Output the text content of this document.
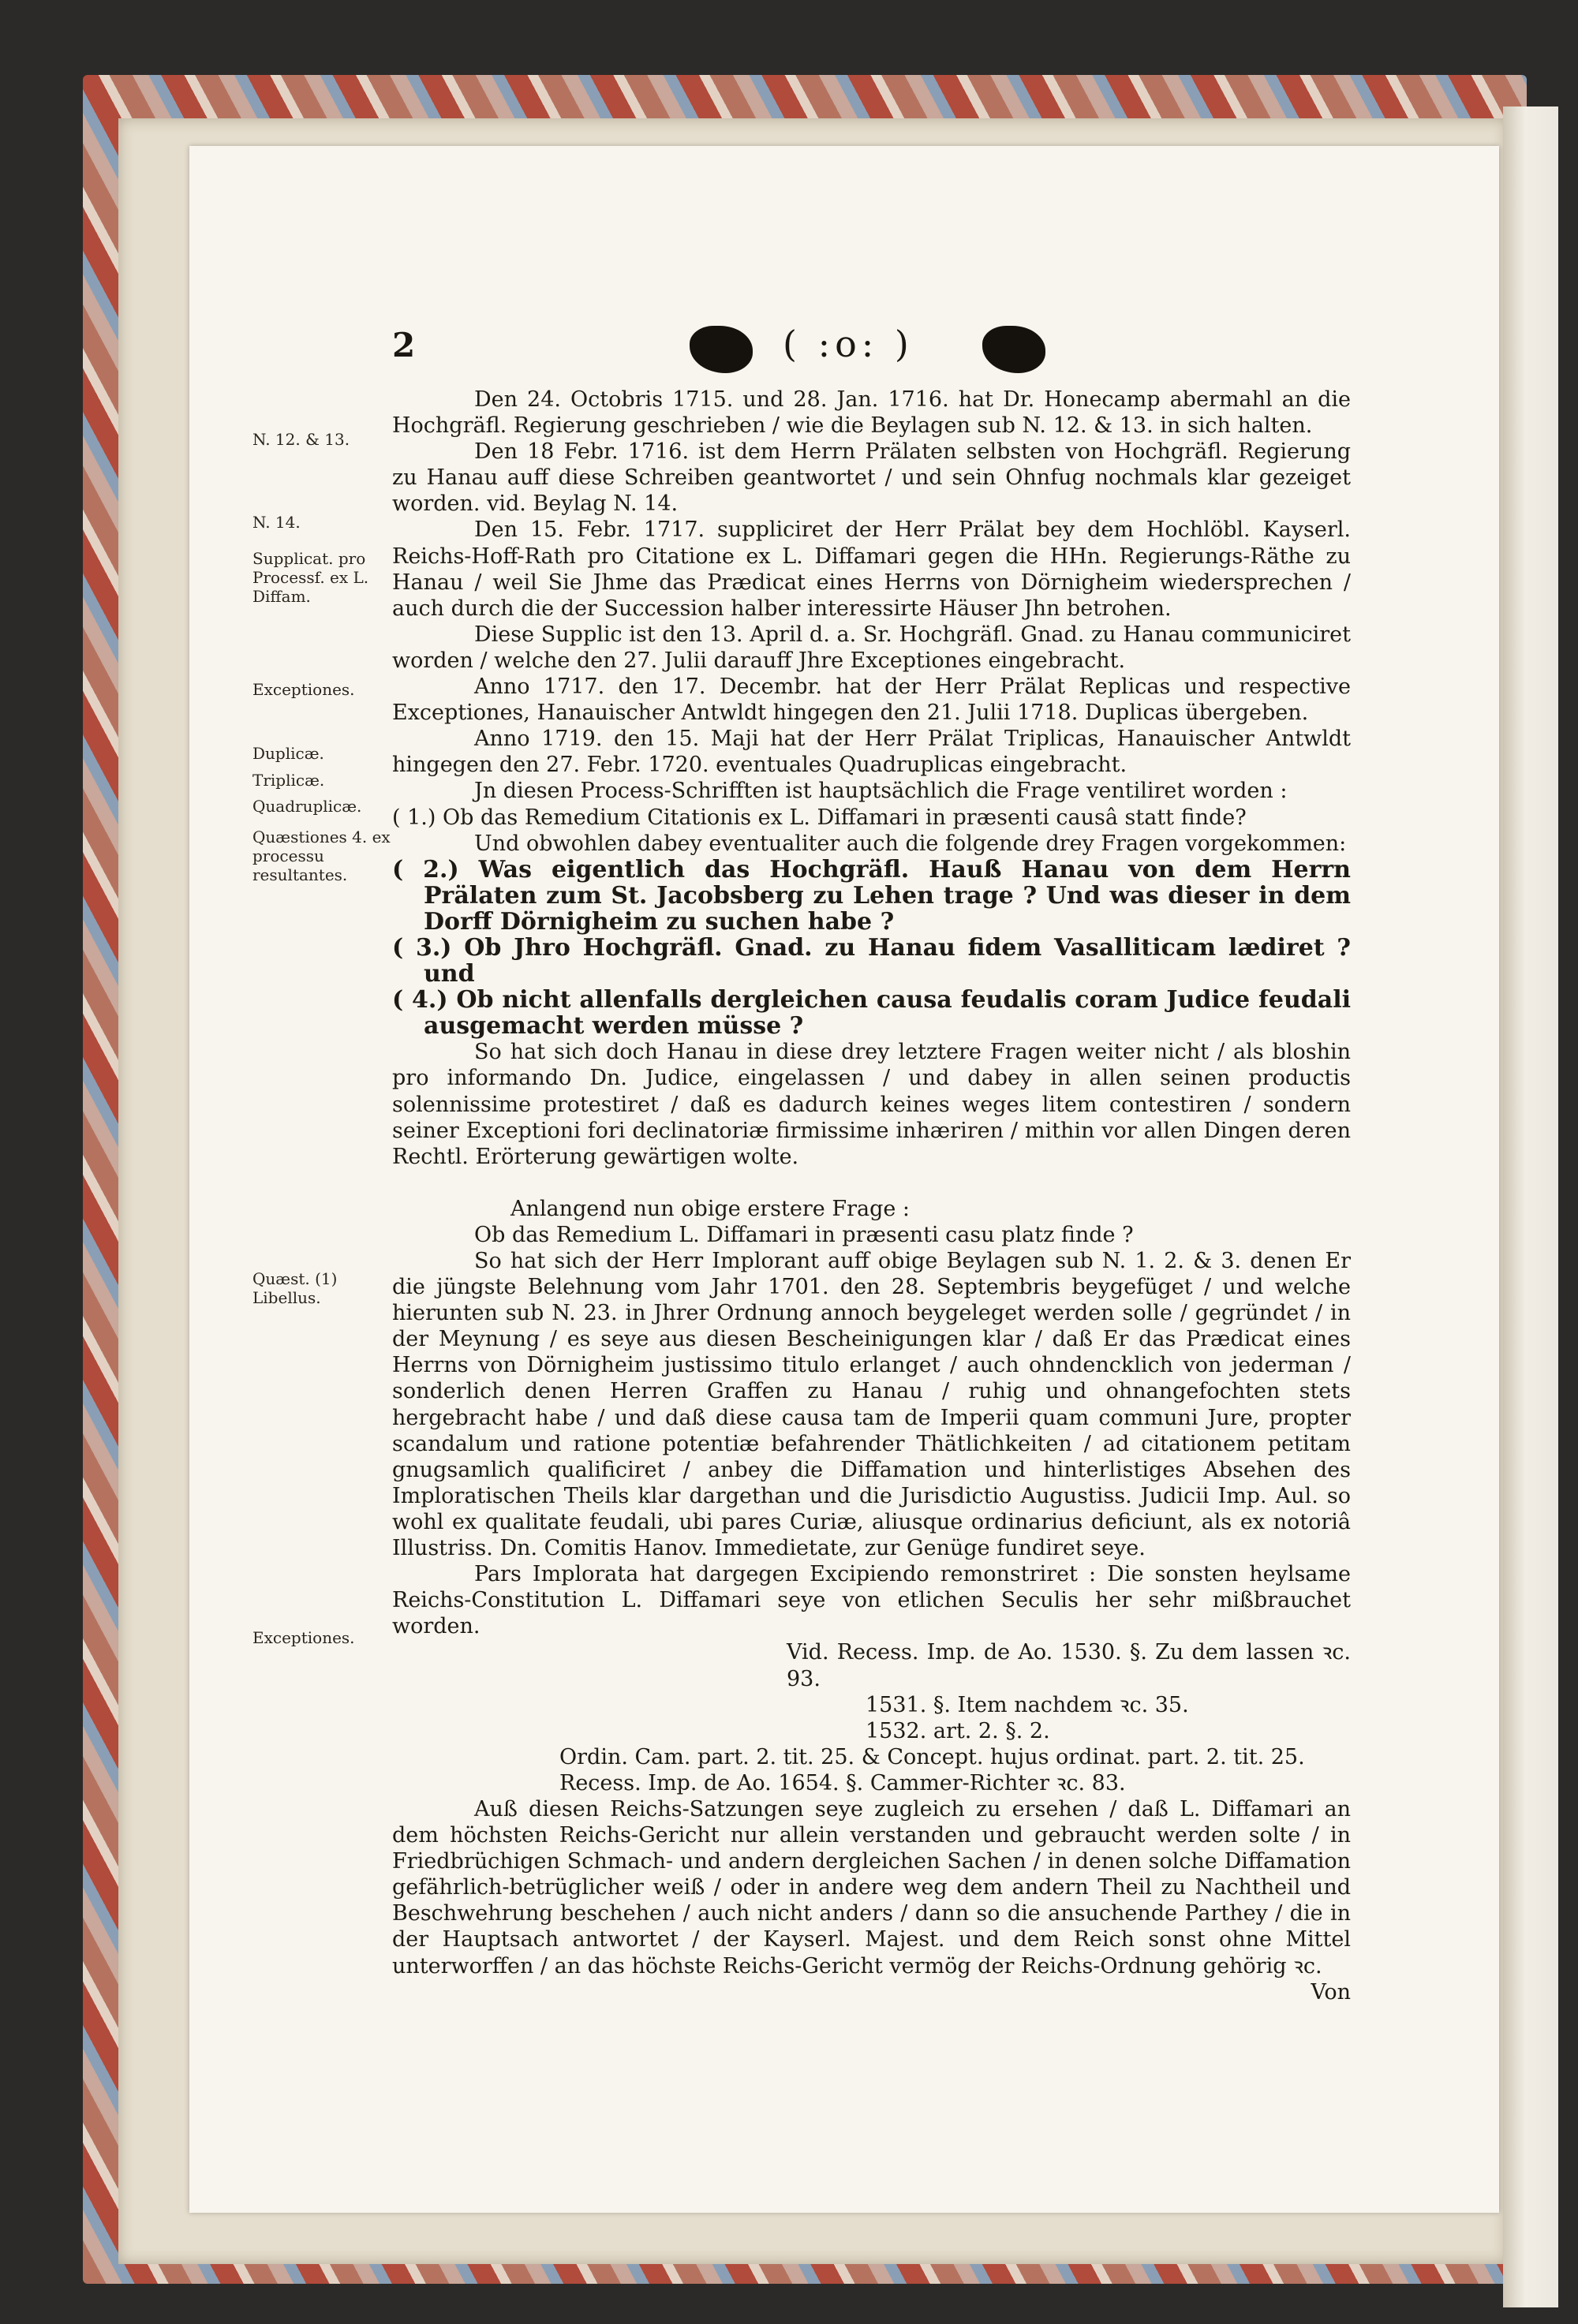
2	( :o: )
N. 12. & 13.
N. 14.
Supplicat. pro Processf. ex L. Diffam.
Exceptiones.
Duplicæ.
Triplicæ.
Quadruplicæ.
Quæstiones 4. ex processu resultantes.
Quæst. (1) Libellus.
Exceptiones.

Den 24. Octobris 1715. und 28. Jan. 1716. hat Dr. Honecamp abermahl an die Hochgräfl. Regierung geschrieben / wie die Beylagen sub N. 12. & 13. in sich halten.

Den 18 Febr. 1716. ist dem Herrn Prälaten selbsten von Hochgräfl. Regierung zu Hanau auff diese Schreiben geantwortet / und sein Ohnfug nochmals klar gezeiget worden. vid. Beylag N. 14.

Den 15. Febr. 1717. suppliciret der Herr Prälat bey dem Hochlöbl. Kayserl. Reichs-Hoff-Rath pro Citatione ex L. Diffamari gegen die HHn. Regierungs-Räthe zu Hanau / weil Sie Jhme das Prædicat eines Herrns von Dörnigheim wiedersprechen / auch durch die der Succession halber interessirte Häuser Jhn betrohen.

Diese Supplic ist den 13. April d. a. Sr. Hochgräfl. Gnad. zu Hanau communiciret worden / welche den 27. Julii darauff Jhre Exceptiones eingebracht.

Anno 1717. den 17. Decembr. hat der Herr Prälat Replicas und respective Exceptiones, Hanauischer Antwldt hingegen den 21. Julii 1718. Duplicas übergeben.

Anno 1719. den 15. Maji hat der Herr Prälat Triplicas, Hanauischer Antwldt hingegen den 27. Febr. 1720. eventuales Quadruplicas eingebracht.

Jn diesen Process-Schrifften ist hauptsächlich die Frage ventiliret worden :

( 1.) Ob das Remedium Citationis ex L. Diffamari in præsenti causâ statt finde?

Und obwohlen dabey eventualiter auch die folgende drey Fragen vorgekommen:

( 2.) Was eigentlich das Hochgräfl. Hauß Hanau von dem Herrn Prälaten zum St. Jacobsberg zu Lehen trage ? Und was dieser in dem Dorff Dörnigheim zu suchen habe ?

( 3.) Ob Jhro Hochgräfl. Gnad. zu Hanau fidem Vasalliticam lædiret ? und

( 4.) Ob nicht allenfalls dergleichen causa feudalis coram Judice feudali ausgemacht werden müsse ?

So hat sich doch Hanau in diese drey letztere Fragen weiter nicht / als bloshin pro informando Dn. Judice, eingelassen / und dabey in allen seinen productis solennissime protestiret / daß es dadurch keines weges litem contestiren / sondern seiner Exceptioni fori declinatoriæ firmissime inhæriren / mithin vor allen Dingen deren Rechtl. Erörterung gewärtigen wolte.

Anlangend nun obige erstere Frage :

Ob das Remedium L. Diffamari in præsenti casu platz finde ?

So hat sich der Herr Implorant auff obige Beylagen sub N. 1. 2. & 3. denen Er die jüngste Belehnung vom Jahr 1701. den 28. Septembris beygefüget / und welche hierunten sub N. 23. in Jhrer Ordnung annoch beygeleget werden solle / gegründet / in der Meynung / es seye aus diesen Bescheinigungen klar / daß Er das Prædicat eines Herrns von Dörnigheim justissimo titulo erlanget / auch ohndencklich von jederman / sonderlich denen Herren Graffen zu Hanau / ruhig und ohnangefochten stets hergebracht habe / und daß diese causa tam de Imperii quam communi Jure, propter scandalum und ratione potentiæ befahrender Thätlichkeiten / ad citationem petitam gnugsamlich qualificiret / anbey die Diffamation und hinterlistiges Absehen des Imploratischen Theils klar dargethan und die Jurisdictio Augustiss. Judicii Imp. Aul. so wohl ex qualitate feudali, ubi pares Curiæ, aliusque ordinarius deficiunt, als ex notoriâ Illustriss. Dn. Comitis Hanov. Immedietate, zur Genüge fundiret seye.

Pars Implorata hat dargegen Excipiendo remonstriret : Die sonsten heylsame Reichs-Constitution L. Diffamari seye von etlichen Seculis her sehr mißbrauchet worden.

Vid. Recess. Imp. de Ao. 1530. §. Zu dem lassen ꝛc. 93.

1531. §. Item nachdem ꝛc. 35.

1532. art. 2. §. 2.

Ordin. Cam. part. 2. tit. 25. & Concept. hujus ordinat. part. 2. tit. 25.

Recess. Imp. de Ao. 1654. §. Cammer-Richter ꝛc. 83.

Auß diesen Reichs-Satzungen seye zugleich zu ersehen / daß L. Diffamari an dem höchsten Reichs-Gericht nur allein verstanden und gebraucht werden solte / in Friedbrüchigen Schmach- und andern dergleichen Sachen / in denen solche Diffamation gefährlich-betrüglicher weiß / oder in andere weg dem andern Theil zu Nachtheil und Beschwehrung beschehen / auch nicht anders / dann so die ansuchende Parthey / die in der Hauptsach antwortet / der Kayserl. Majest. und dem Reich sonst ohne Mittel unterworffen / an das höchste Reichs-Gericht vermög der Reichs-Ordnung gehörig ꝛc.

Von
